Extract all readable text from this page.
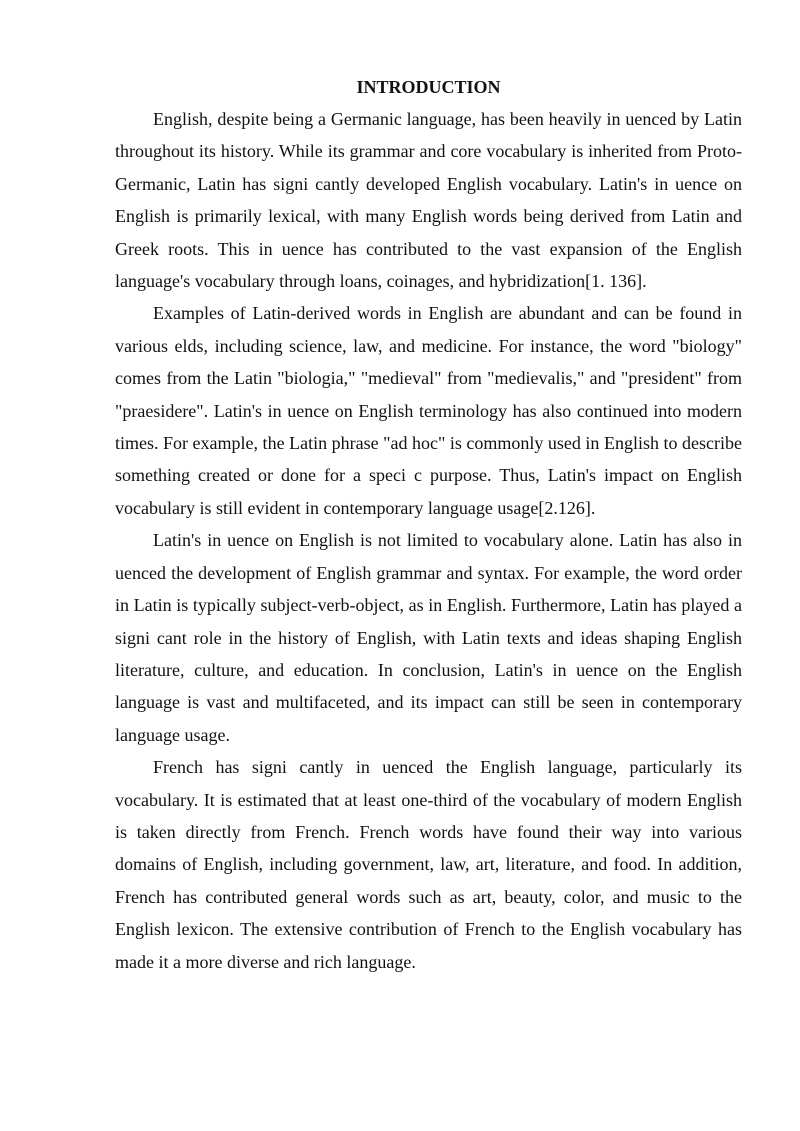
INTRODUCTION

English, despite being a Germanic language, has been heavily in uenced by Latin throughout its history. While its grammar and core vocabulary is inherited from Proto-Germanic, Latin has signi cantly developed English vocabulary. Latin's in uence on English is primarily lexical, with many English words being derived from Latin and Greek roots. This in uence has contributed to the vast expansion of the English language's vocabulary through loans, coinages, and hybridization[1. 136].

Examples of Latin-derived words in English are abundant and can be found in various elds, including science, law, and medicine. For instance, the word "biology" comes from the Latin "biologia," "medieval" from "medievalis," and "president" from "praesidere". Latin's in uence on English terminology has also continued into modern times. For example, the Latin phrase "ad hoc" is commonly used in English to describe something created or done for a speci c purpose. Thus, Latin's impact on English vocabulary is still evident in contemporary language usage[2.126].

Latin's in uence on English is not limited to vocabulary alone. Latin has also in uenced the development of English grammar and syntax. For example, the word order in Latin is typically subject-verb-object, as in English. Furthermore, Latin has played a signi cant role in the history of English, with Latin texts and ideas shaping English literature, culture, and education. In conclusion, Latin's in uence on the English language is vast and multifaceted, and its impact can still be seen in contemporary language usage.

French has signi cantly in uenced the English language, particularly its vocabulary. It is estimated that at least one-third of the vocabulary of modern English is taken directly from French. French words have found their way into various domains of English, including government, law, art, literature, and food. In addition, French has contributed general words such as art, beauty, color, and music to the English lexicon. The extensive contribution of French to the English vocabulary has made it a more diverse and rich language.
